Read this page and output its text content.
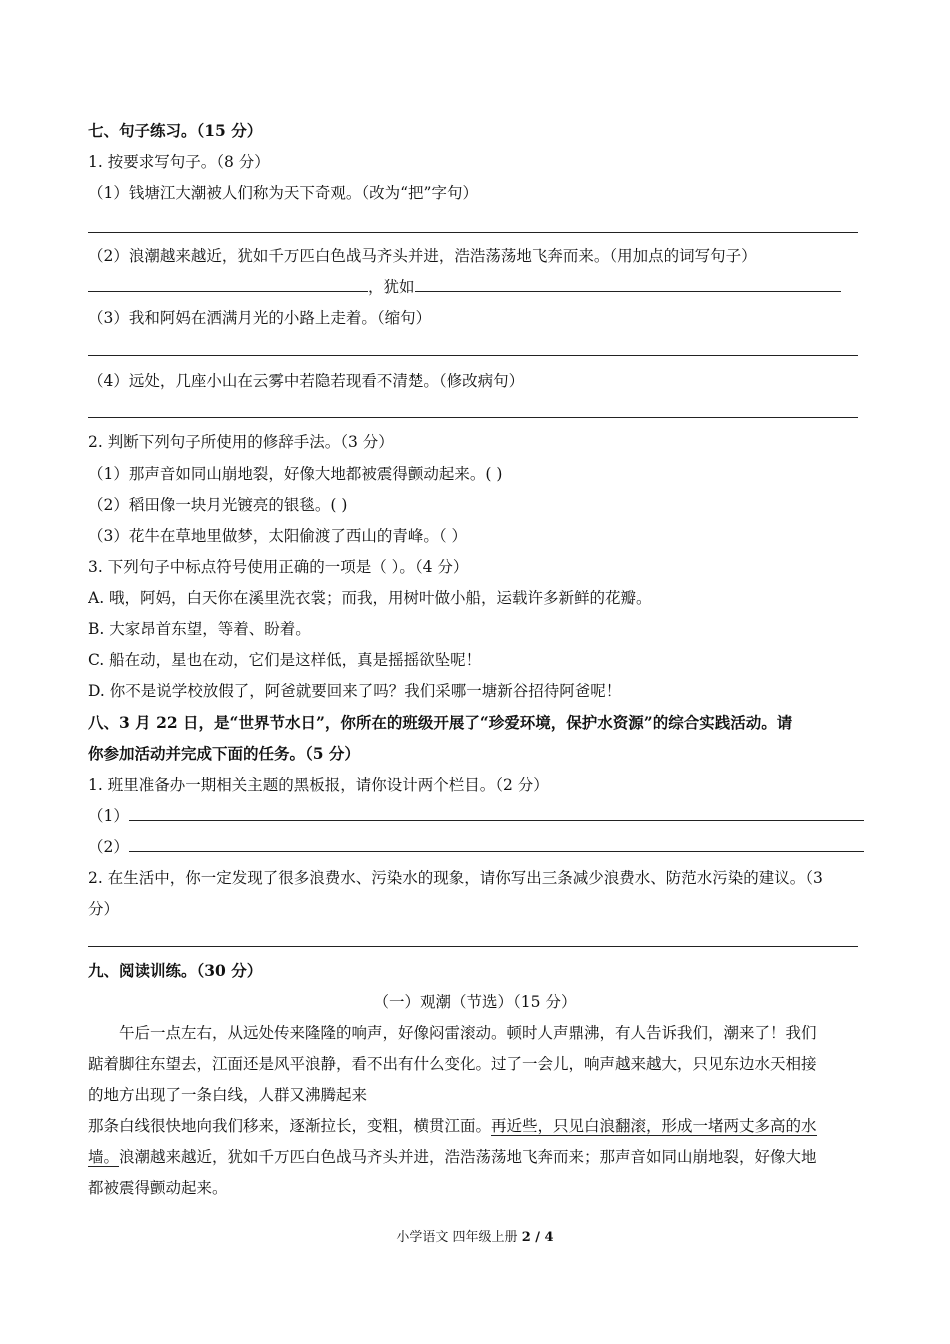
七、句子练习。（15 分）
1. 按要求写句子。（8 分）
（1）钱塘江大潮被人们称为天下奇观。（改为“把”字句）
（2）浪潮越来越近，犹如千万匹白色战马齐头并进，浩浩荡荡地飞奔而来。（用加点的词写句子）
，犹如
（3）我和阿妈在洒满月光的小路上走着。（缩句）
（4）远处，几座小山在云雾中若隐若现看不清楚。（修改病句）
2. 判断下列句子所使用的修辞手法。（3 分）
（1）那声音如同山崩地裂，好像大地都被震得颤动起来。( )
（2）稻田像一块月光镀亮的银毯。( )
（3）花牛在草地里做梦，太阳偷渡了西山的青峰。（ ）
3. 下列句子中标点符号使用正确的一项是（ ）。（4 分）
A. 哦，阿妈，白天你在溪里洗衣裳；而我，用树叶做小船，运载许多新鲜的花瓣。
B. 大家昂首东望，等着、盼着。
C. 船在动，星也在动，它们是这样低，真是摇摇欲坠呢！
D. 你不是说学校放假了，阿爸就要回来了吗？我们采哪一塘新谷招待阿爸呢！
八、3 月 22 日，是“世界节水日”，你所在的班级开展了“珍爱环境，保护水资源”的综合实践活动。请
你参加活动并完成下面的任务。（5 分）
1. 班里准备办一期相关主题的黑板报，请你设计两个栏目。（2 分）
（1）
（2）
2. 在生活中，你一定发现了很多浪费水、污染水的现象，请你写出三条减少浪费水、防范水污染的建议。（3
分）
九、阅读训练。（30 分）
（一）观潮（节选）（15 分）
午后一点左右，从远处传来隆隆的响声，好像闷雷滚动。顿时人声鼎沸，有人告诉我们，潮来了！我们
踮着脚往东望去，江面还是风平浪静，看不出有什么变化。过了一会儿，响声越来越大，只见东边水天相接
的地方出现了一条白线，人群又沸腾起来
那条白线很快地向我们移来，逐渐拉长，变粗，横贯江面。再近些，只见白浪翻滚，形成一堵两丈多高的水
墙。浪潮越来越近，犹如千万匹白色战马齐头并进，浩浩荡荡地飞奔而来；那声音如同山崩地裂，好像大地
都被震得颤动起来。
小学语文 四年级上册 2 / 4
